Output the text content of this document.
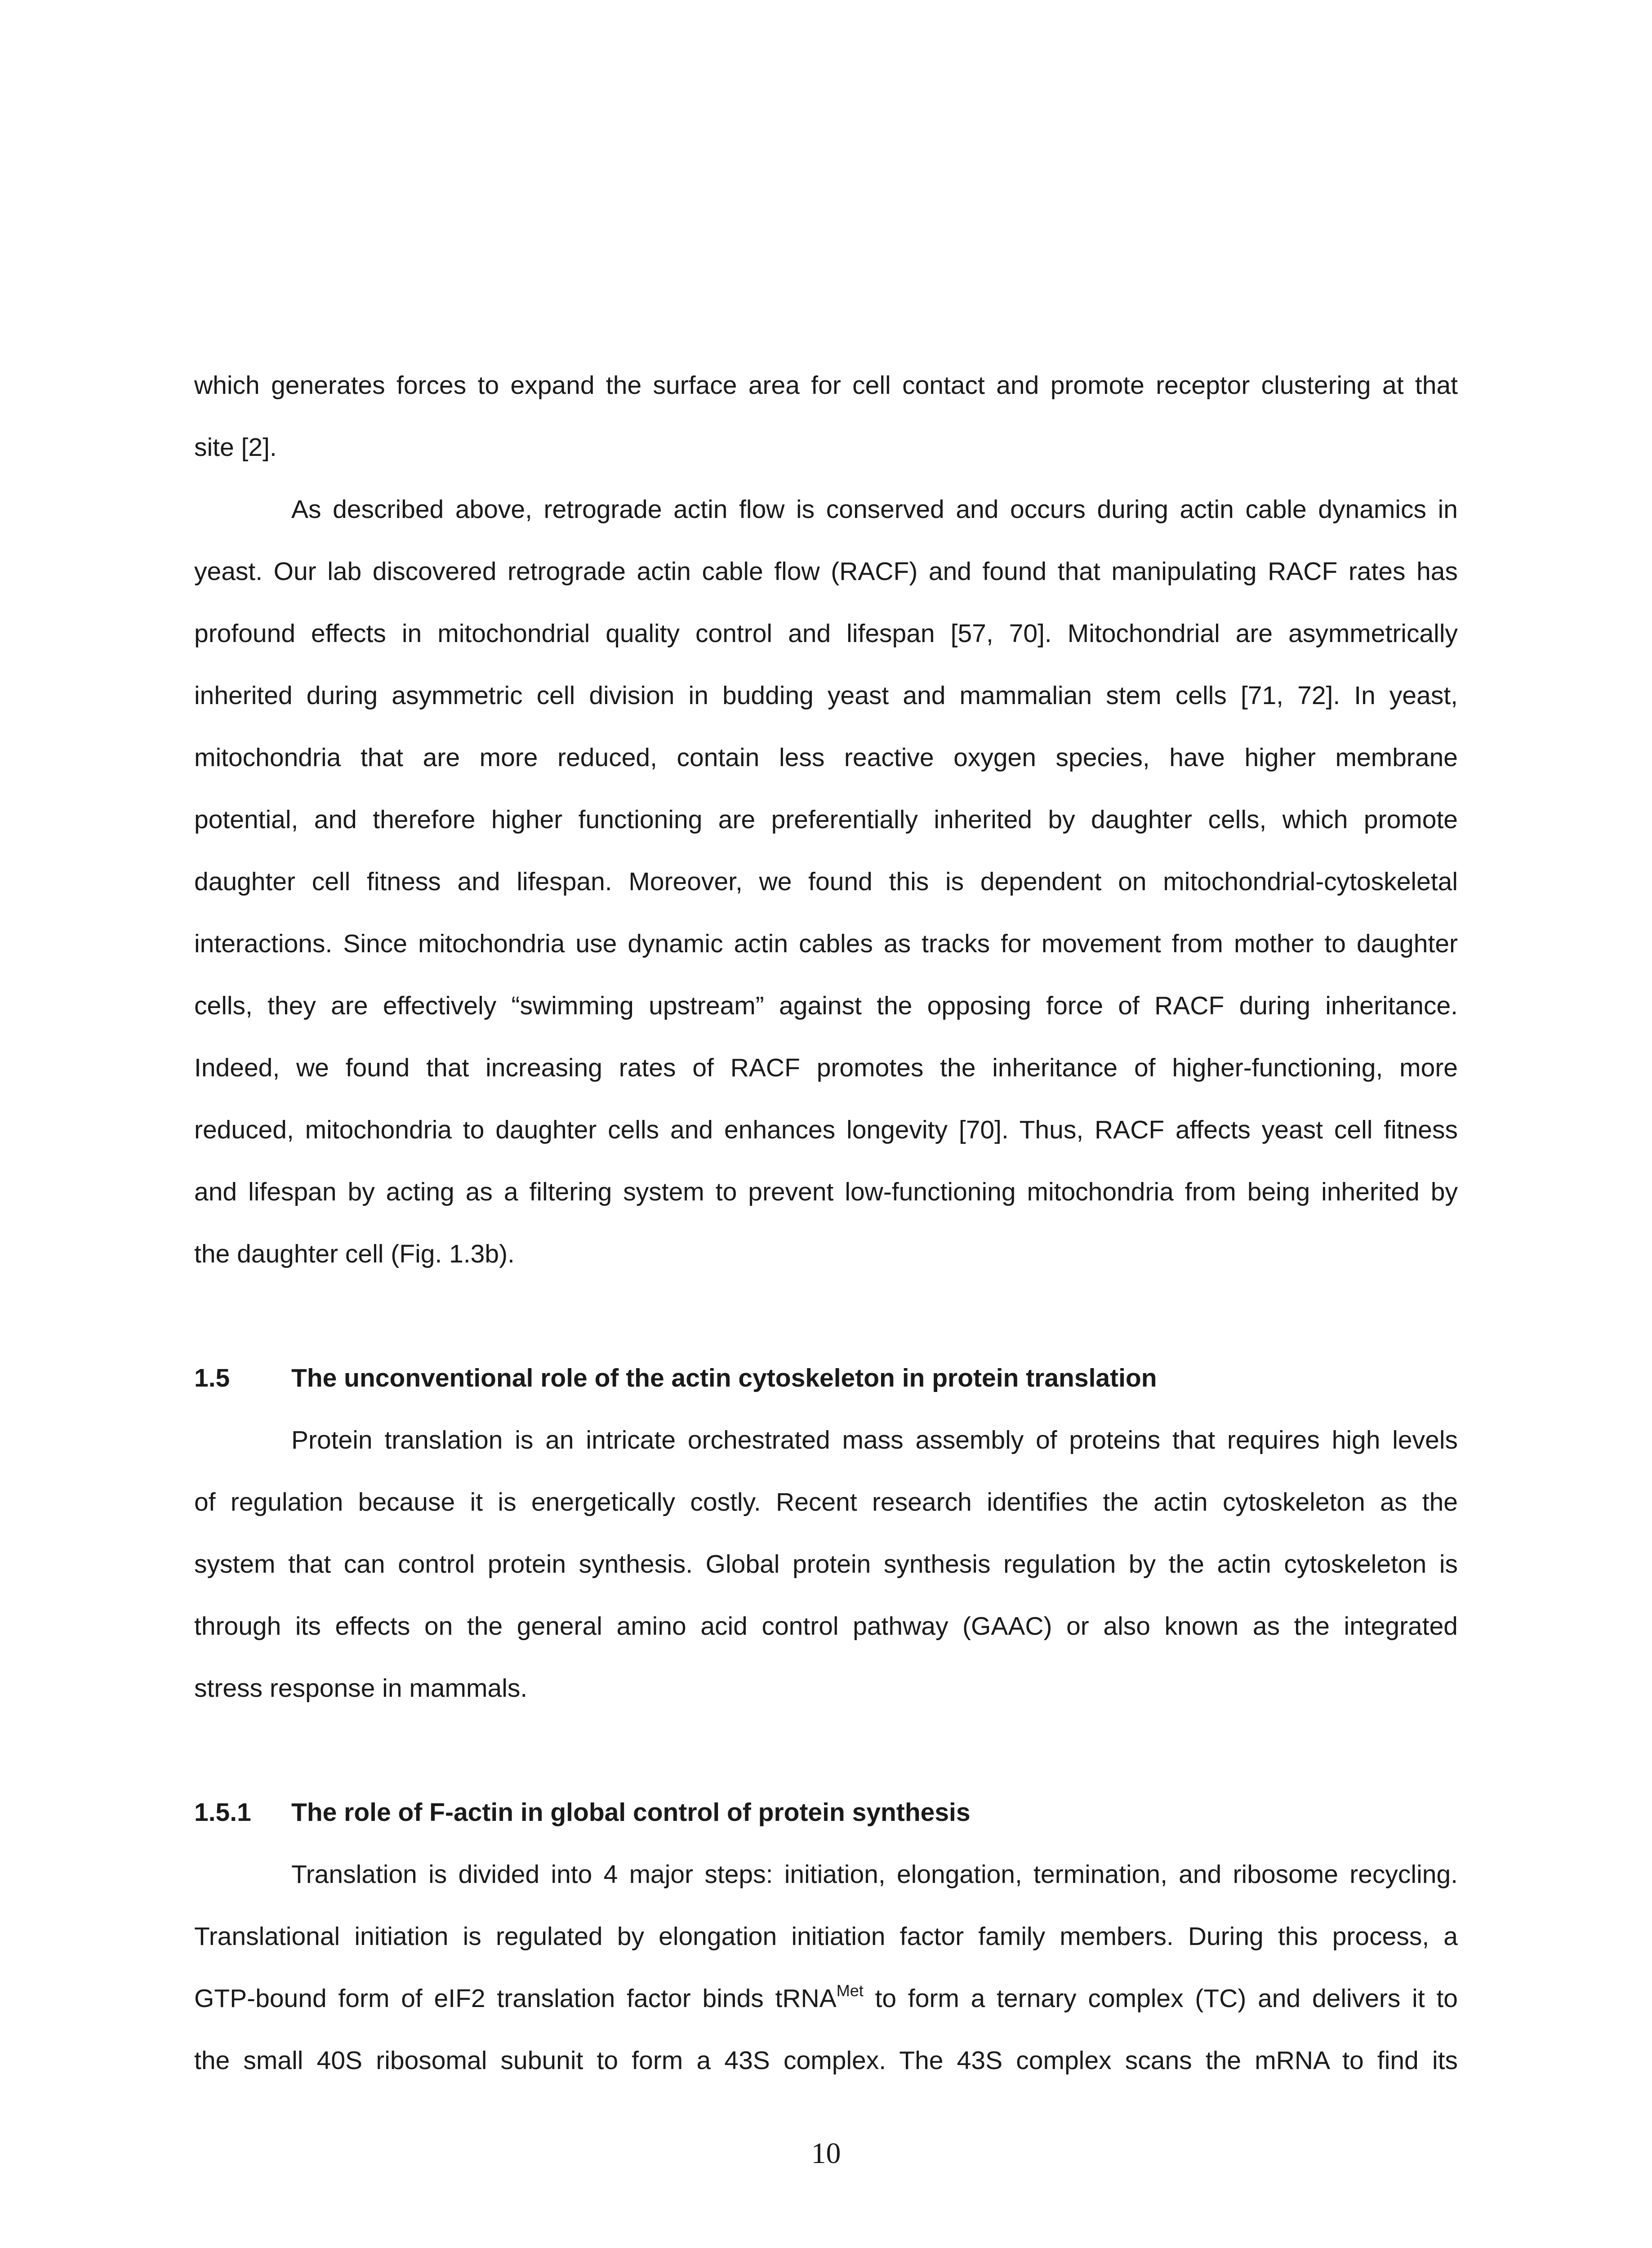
which generates forces to expand the surface area for cell contact and promote receptor clustering at that
site [2].
As described above, retrograde actin flow is conserved and occurs during actin cable dynamics in
yeast. Our lab discovered retrograde actin cable flow (RACF) and found that manipulating RACF rates has
profound effects in mitochondrial quality control and lifespan [57, 70]. Mitochondrial are asymmetrically
inherited during asymmetric cell division in budding yeast and mammalian stem cells [71, 72]. In yeast,
mitochondria that are more reduced, contain less reactive oxygen species, have higher membrane
potential, and therefore higher functioning are preferentially inherited by daughter cells, which promote
daughter cell fitness and lifespan. Moreover, we found this is dependent on mitochondrial-cytoskeletal
interactions. Since mitochondria use dynamic actin cables as tracks for movement from mother to daughter
cells, they are effectively “swimming upstream” against the opposing force of RACF during inheritance.
Indeed, we found that increasing rates of RACF promotes the inheritance of higher-functioning, more
reduced, mitochondria to daughter cells and enhances longevity [70]. Thus, RACF affects yeast cell fitness
and lifespan by acting as a filtering system to prevent low-functioning mitochondria from being inherited by
the daughter cell (Fig. 1.3b).
1.5 The unconventional role of the actin cytoskeleton in protein translation
Protein translation is an intricate orchestrated mass assembly of proteins that requires high levels
of regulation because it is energetically costly. Recent research identifies the actin cytoskeleton as the
system that can control protein synthesis. Global protein synthesis regulation by the actin cytoskeleton is
through its effects on the general amino acid control pathway (GAAC) or also known as the integrated
stress response in mammals.
1.5.1 The role of F-actin in global control of protein synthesis
Translation is divided into 4 major steps: initiation, elongation, termination, and ribosome recycling.
Translational initiation is regulated by elongation initiation factor family members. During this process, a
GTP-bound form of eIF2 translation factor binds tRNA$^{Met}$ to form a ternary complex (TC) and delivers it to
the small 40S ribosomal subunit to form a 43S complex. The 43S complex scans the mRNA to find its
10
